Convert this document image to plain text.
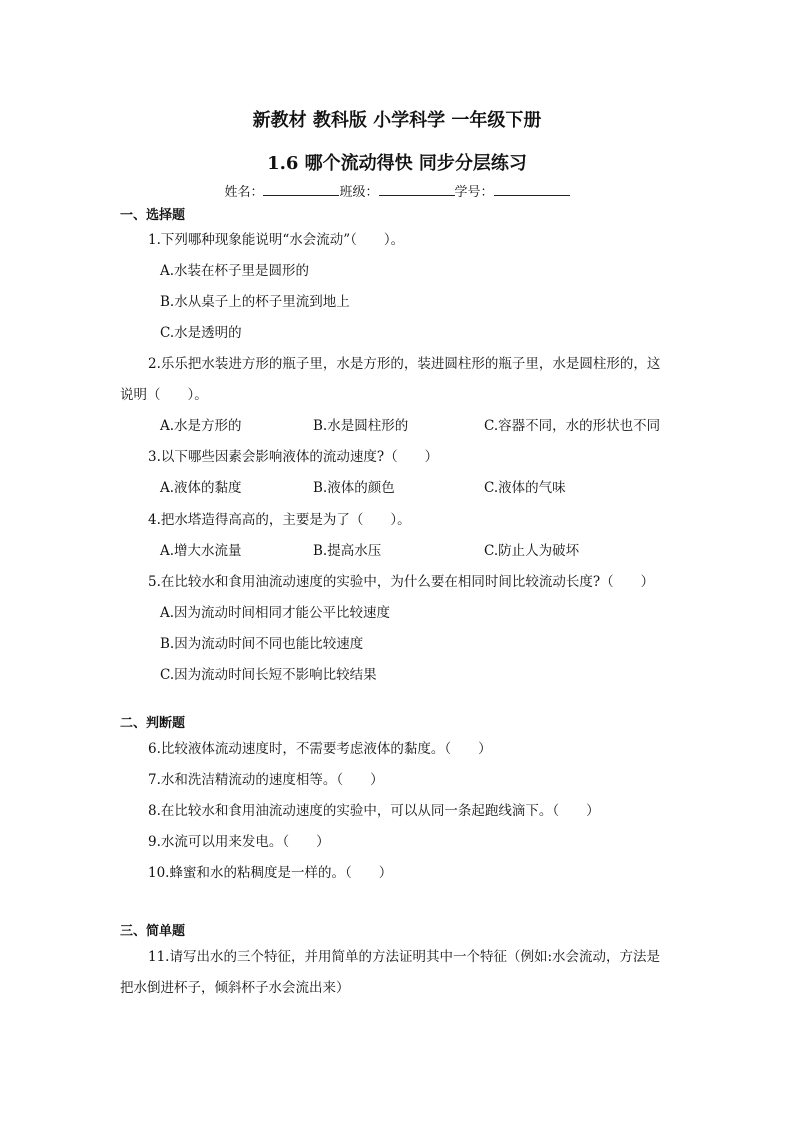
新教材 教科版 小学科学 一年级下册
1.6 哪个流动得快 同步分层练习
姓名：	班级：	学号：
一、选择题
1.下列哪种现象能说明“水会流动”（　　）。
A.水装在杯子里是圆形的
B.水从桌子上的杯子里流到地上
C.水是透明的
2.乐乐把水装进方形的瓶子里，水是方形的，装进圆柱形的瓶子里，水是圆柱形的，这
说明（　　）。
A.水是方形的	B.水是圆柱形的	C.容器不同，水的形状也不同
3.以下哪些因素会影响液体的流动速度?（　　）
A.液体的黏度	B.液体的颜色	C.液体的气味
4.把水塔造得高高的，主要是为了（　　）。
A.增大水流量	B.提高水压	C.防止人为破坏
5.在比较水和食用油流动速度的实验中，为什么要在相同时间比较流动长度?（　　）
A.因为流动时间相同才能公平比较速度
B.因为流动时间不同也能比较速度
C.因为流动时间长短不影响比较结果
二、判断题
6.比较液体流动速度时，不需要考虑液体的黏度。（　　）
7.水和洗洁精流动的速度相等。（　　）
8.在比较水和食用油流动速度的实验中，可以从同一条起跑线滴下。（　　）
9.水流可以用来发电。（　　）
10.蜂蜜和水的粘稠度是一样的。（　　）
三、简单题
11.请写出水的三个特征，并用简单的方法证明其中一个特征（例如:水会流动，方法是
把水倒进杯子，倾斜杯子水会流出来）
